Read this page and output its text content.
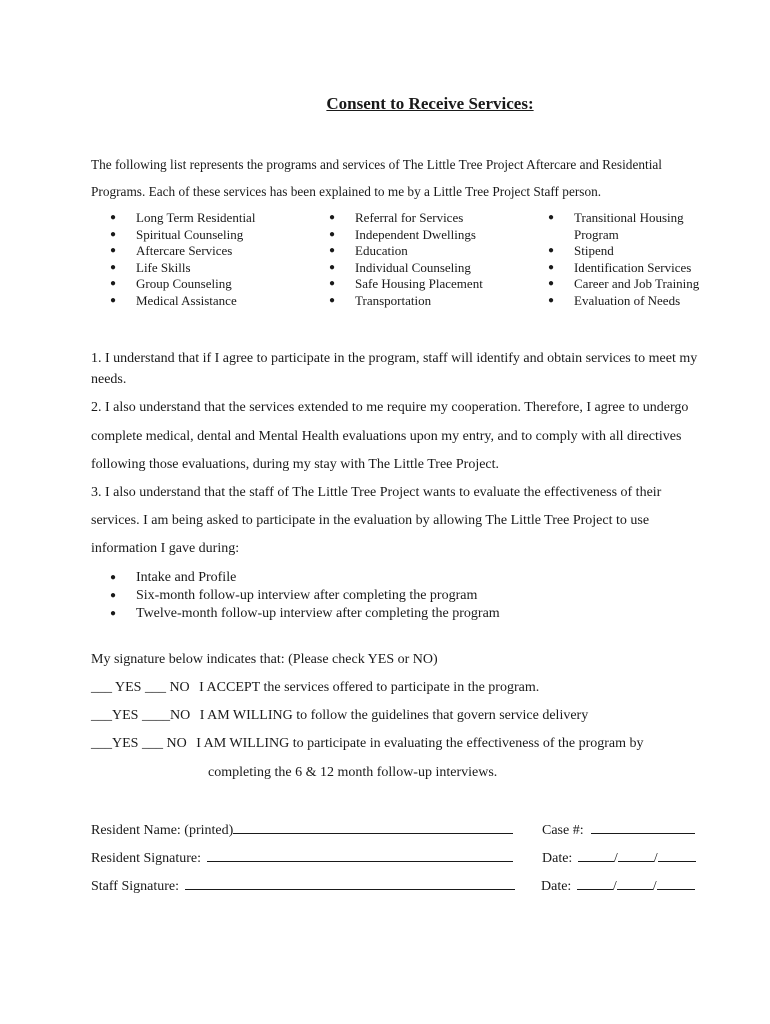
Consent to Receive Services:
The following list represents the programs and services of The Little Tree Project Aftercare and Residential
Programs. Each of these services has been explained to me by a Little Tree Project Staff person.
● Long Term Residential
● Spiritual Counseling
● Aftercare Services
● Life Skills
● Group Counseling
● Medical Assistance
● Referral for Services
● Independent Dwellings
● Education
● Individual Counseling
● Safe Housing Placement
● Transportation
● Transitional Housing
Program
● Stipend
● Identification Services
● Career and Job Training
● Evaluation of Needs
1. I understand that if I agree to participate in the program, staff will identify and obtain services to meet my
needs.
2. I also understand that the services extended to me require my cooperation. Therefore, I agree to undergo
complete medical, dental and Mental Health evaluations upon my entry, and to comply with all directives
following those evaluations, during my stay with The Little Tree Project.
3. I also understand that the staff of The Little Tree Project wants to evaluate the effectiveness of their
services. I am being asked to participate in the evaluation by allowing The Little Tree Project to use
information I gave during:
● Intake and Profile
● Six-month follow-up interview after completing the program
● Twelve-month follow-up interview after completing the program
My signature below indicates that: (Please check YES or NO)
___ YES ___ NO I ACCEPT the services offered to participate in the program.
___YES ____NO I AM WILLING to follow the guidelines that govern service delivery
___YES ___ NO I AM WILLING to participate in evaluating the effectiveness of the program by
completing the 6 & 12 month follow-up interviews.
Resident Name: (printed)	Case #:
Resident Signature:	Date:	/	/
Staff Signature:	Date:	/	/
